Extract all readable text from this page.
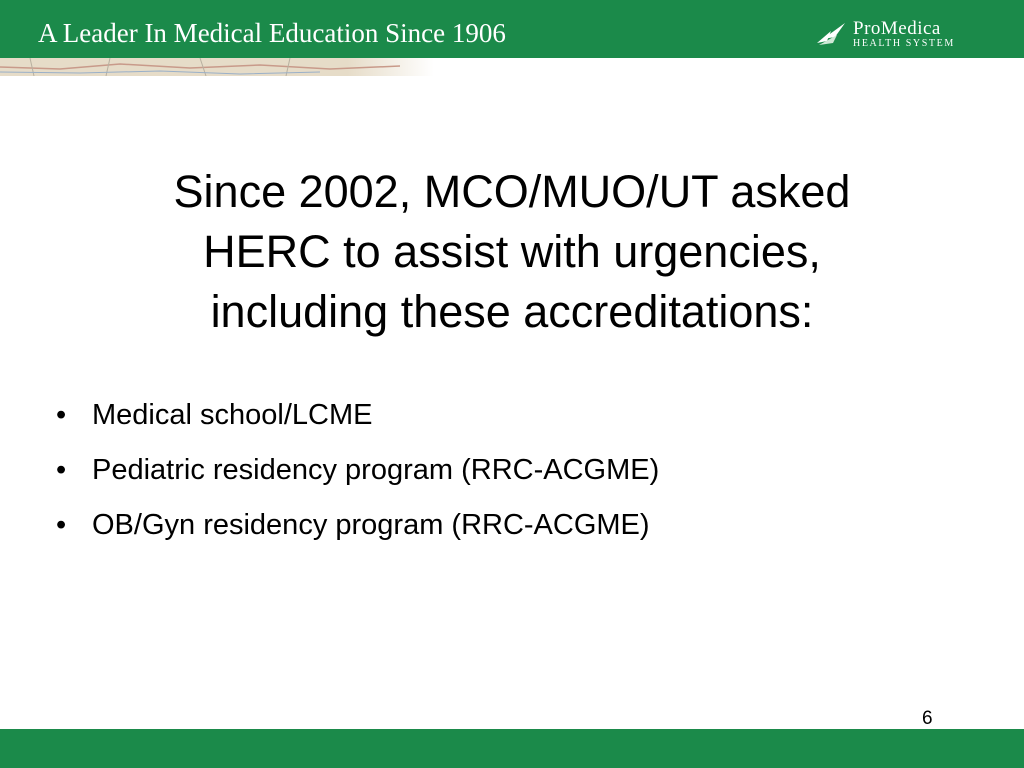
A Leader In Medical Education Since 1906	ProMedica
HEALTH SYSTEM
Since 2002, MCO/MUO/UT asked
HERC to assist with urgencies,
including these accreditations:
• Medical school/LCME
• Pediatric residency program (RRC-ACGME)
• OB/Gyn residency program (RRC-ACGME)
6
